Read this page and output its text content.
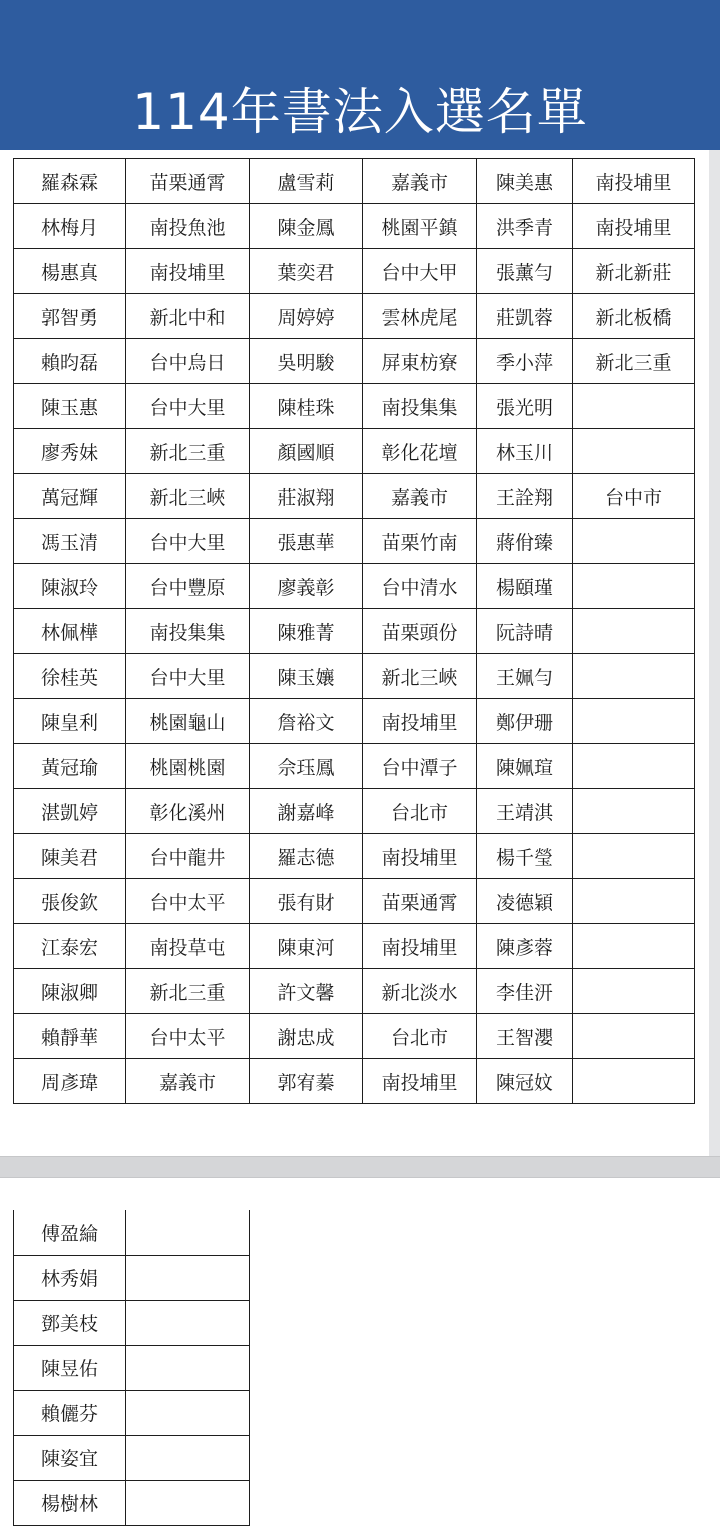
114年書法入選名單
羅森霖	苗栗通霄	盧雪莉	嘉義市	陳美惠	南投埔里
林梅月	南投魚池	陳金鳳	桃園平鎮	洪季青	南投埔里
楊惠真	南投埔里	葉奕君	台中大甲	張薰勻	新北新莊
郭智勇	新北中和	周婷婷	雲林虎尾	莊凱蓉	新北板橋
賴昀磊	台中烏日	吳明駿	屏東枋寮	季小萍	新北三重
陳玉惠	台中大里	陳桂珠	南投集集	張光明	
廖秀妹	新北三重	顏國順	彰化花壇	林玉川	
萬冠輝	新北三峽	莊淑翔	嘉義市	王詮翔	台中市
馮玉清	台中大里	張惠華	苗栗竹南	蔣佾臻	
陳淑玲	台中豐原	廖義彰	台中清水	楊頤瑾	
林佩樺	南投集集	陳雅菁	苗栗頭份	阮詩晴	
徐桂英	台中大里	陳玉孃	新北三峽	王姵勻	
陳皇利	桃園龜山	詹裕文	南投埔里	鄭伊珊	
黃冠瑜	桃園桃園	佘珏鳳	台中潭子	陳姵瑄	
湛凱婷	彰化溪州	謝嘉峰	台北市	王靖淇	
陳美君	台中龍井	羅志德	南投埔里	楊千瑩	
張俊欽	台中太平	張有財	苗栗通霄	凌德穎	
江泰宏	南投草屯	陳東河	南投埔里	陳彥蓉	
陳淑卿	新北三重	許文馨	新北淡水	李佳汧	
賴靜華	台中太平	謝忠成	台北市	王智瀴	
周彥瑋	嘉義市	郭宥蓁	南投埔里	陳冠妏	
傅盈綸	
林秀娟	
鄧美枝	
陳昱佑	
賴儷芬	
陳姿宜	
楊樹林	
